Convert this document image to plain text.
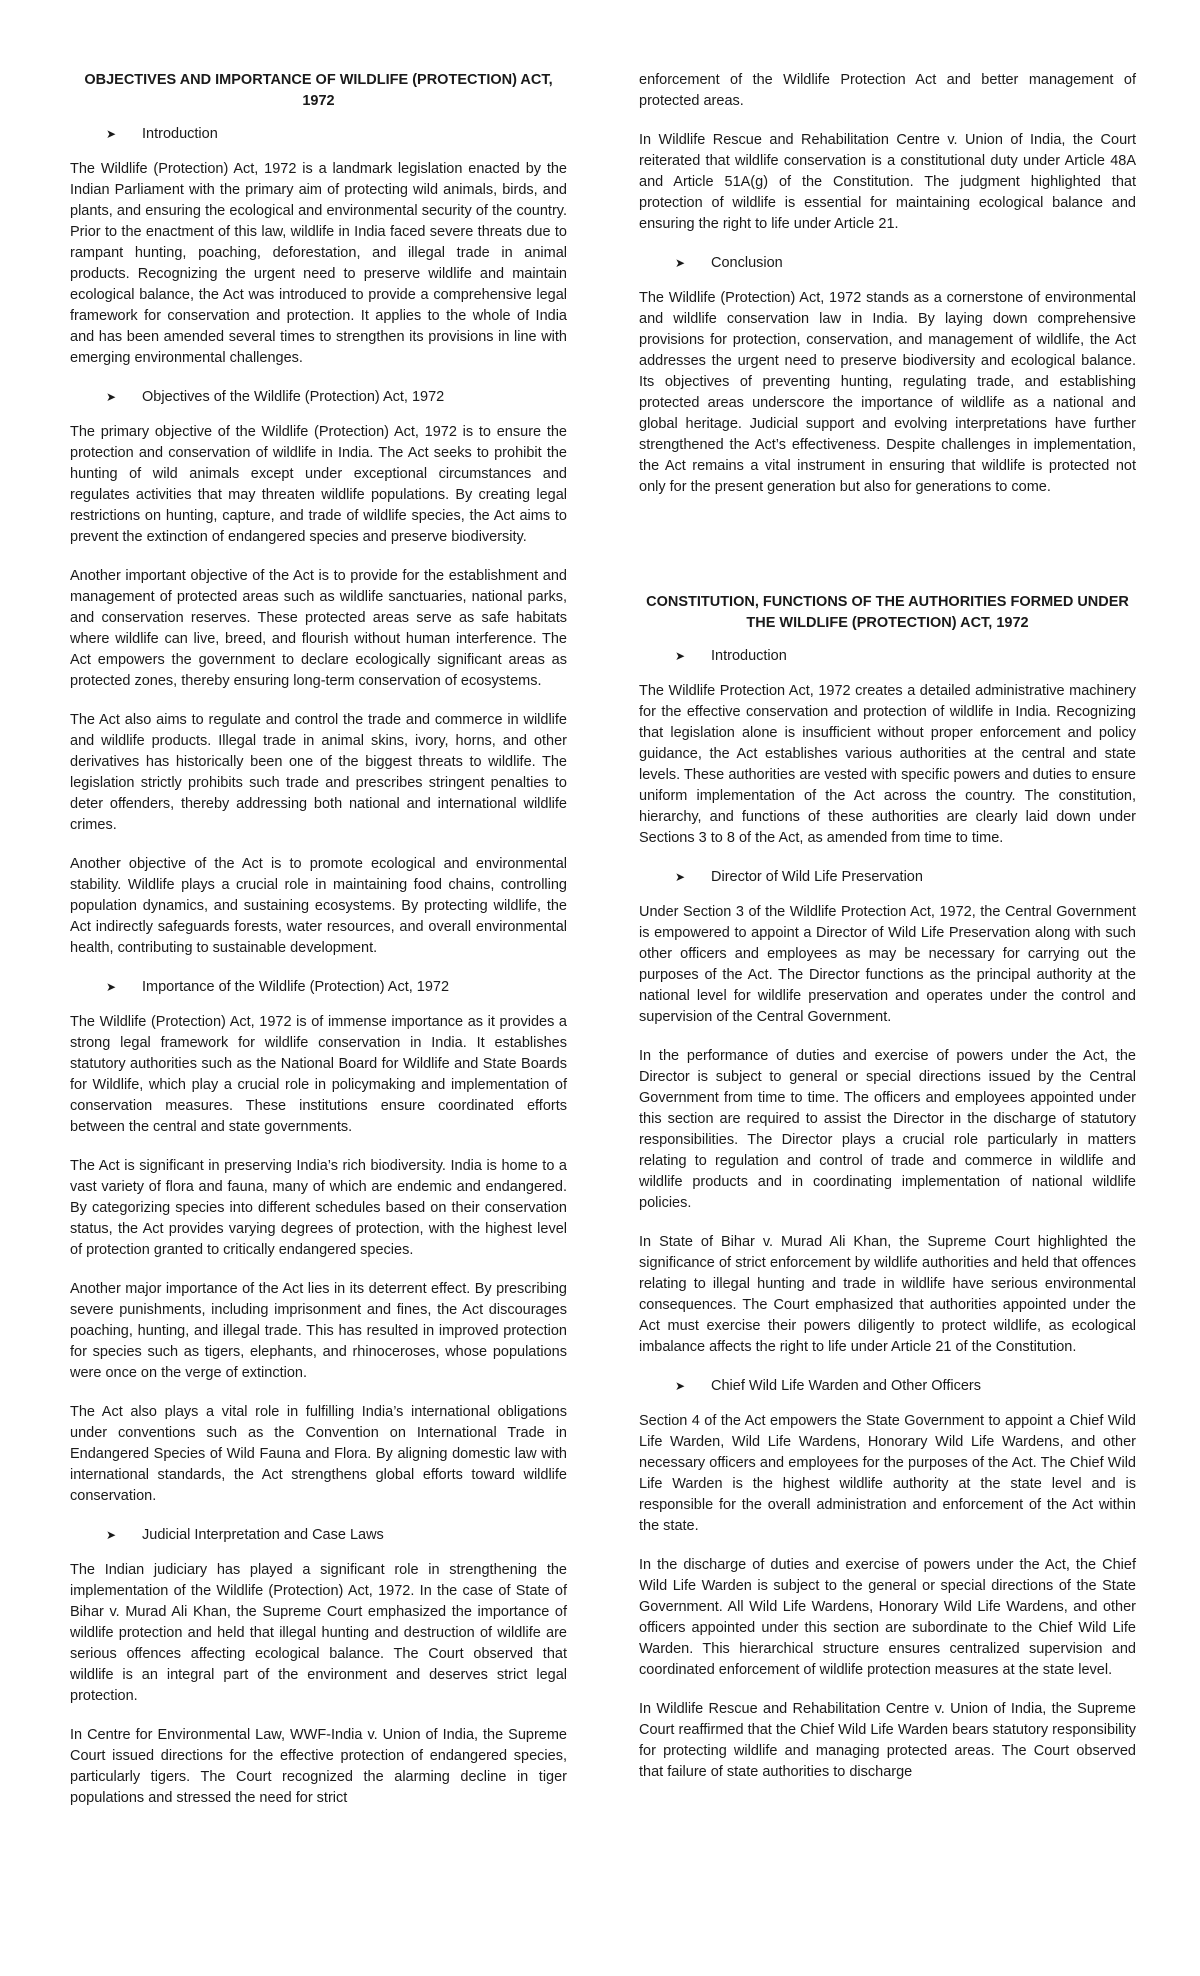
OBJECTIVES AND IMPORTANCE OF WILDLIFE (PROTECTION) ACT, 1972
➤ Introduction

The Wildlife (Protection) Act, 1972 is a landmark legislation enacted by the Indian Parliament with the primary aim of protecting wild animals, birds, and plants, and ensuring the ecological and environmental security of the country. Prior to the enactment of this law, wildlife in India faced severe threats due to rampant hunting, poaching, deforestation, and illegal trade in animal products. Recognizing the urgent need to preserve wildlife and maintain ecological balance, the Act was introduced to provide a comprehensive legal framework for conservation and protection. It applies to the whole of India and has been amended several times to strengthen its provisions in line with emerging environmental challenges.

➤ Objectives of the Wildlife (Protection) Act, 1972

The primary objective of the Wildlife (Protection) Act, 1972 is to ensure the protection and conservation of wildlife in India. The Act seeks to prohibit the hunting of wild animals except under exceptional circumstances and regulates activities that may threaten wildlife populations. By creating legal restrictions on hunting, capture, and trade of wildlife species, the Act aims to prevent the extinction of endangered species and preserve biodiversity.

Another important objective of the Act is to provide for the establishment and management of protected areas such as wildlife sanctuaries, national parks, and conservation reserves. These protected areas serve as safe habitats where wildlife can live, breed, and flourish without human interference. The Act empowers the government to declare ecologically significant areas as protected zones, thereby ensuring long-term conservation of ecosystems.

The Act also aims to regulate and control the trade and commerce in wildlife and wildlife products. Illegal trade in animal skins, ivory, horns, and other derivatives has historically been one of the biggest threats to wildlife. The legislation strictly prohibits such trade and prescribes stringent penalties to deter offenders, thereby addressing both national and international wildlife crimes.

Another objective of the Act is to promote ecological and environmental stability. Wildlife plays a crucial role in maintaining food chains, controlling population dynamics, and sustaining ecosystems. By protecting wildlife, the Act indirectly safeguards forests, water resources, and overall environmental health, contributing to sustainable development.

➤ Importance of the Wildlife (Protection) Act, 1972

The Wildlife (Protection) Act, 1972 is of immense importance as it provides a strong legal framework for wildlife conservation in India. It establishes statutory authorities such as the National Board for Wildlife and State Boards for Wildlife, which play a crucial role in policymaking and implementation of conservation measures. These institutions ensure coordinated efforts between the central and state governments.

The Act is significant in preserving India’s rich biodiversity. India is home to a vast variety of flora and fauna, many of which are endemic and endangered. By categorizing species into different schedules based on their conservation status, the Act provides varying degrees of protection, with the highest level of protection granted to critically endangered species.

Another major importance of the Act lies in its deterrent effect. By prescribing severe punishments, including imprisonment and fines, the Act discourages poaching, hunting, and illegal trade. This has resulted in improved protection for species such as tigers, elephants, and rhinoceroses, whose populations were once on the verge of extinction.

The Act also plays a vital role in fulfilling India’s international obligations under conventions such as the Convention on International Trade in Endangered Species of Wild Fauna and Flora. By aligning domestic law with international standards, the Act strengthens global efforts toward wildlife conservation.

➤ Judicial Interpretation and Case Laws

The Indian judiciary has played a significant role in strengthening the implementation of the Wildlife (Protection) Act, 1972. In the case of State of Bihar v. Murad Ali Khan, the Supreme Court emphasized the importance of wildlife protection and held that illegal hunting and destruction of wildlife are serious offences affecting ecological balance. The Court observed that wildlife is an integral part of the environment and deserves strict legal protection.

In Centre for Environmental Law, WWF-India v. Union of India, the Supreme Court issued directions for the effective protection of endangered species, particularly tigers. The Court recognized the alarming decline in tiger populations and stressed the need for strict

enforcement of the Wildlife Protection Act and better management of protected areas.

In Wildlife Rescue and Rehabilitation Centre v. Union of India, the Court reiterated that wildlife conservation is a constitutional duty under Article 48A and Article 51A(g) of the Constitution. The judgment highlighted that protection of wildlife is essential for maintaining ecological balance and ensuring the right to life under Article 21.

➤ Conclusion

The Wildlife (Protection) Act, 1972 stands as a cornerstone of environmental and wildlife conservation law in India. By laying down comprehensive provisions for protection, conservation, and management of wildlife, the Act addresses the urgent need to preserve biodiversity and ecological balance. Its objectives of preventing hunting, regulating trade, and establishing protected areas underscore the importance of wildlife as a national and global heritage. Judicial support and evolving interpretations have further strengthened the Act’s effectiveness. Despite challenges in implementation, the Act remains a vital instrument in ensuring that wildlife is protected not only for the present generation but also for generations to come.

CONSTITUTION, FUNCTIONS OF THE AUTHORITIES FORMED UNDER THE WILDLIFE (PROTECTION) ACT, 1972
➤ Introduction

The Wildlife Protection Act, 1972 creates a detailed administrative machinery for the effective conservation and protection of wildlife in India. Recognizing that legislation alone is insufficient without proper enforcement and policy guidance, the Act establishes various authorities at the central and state levels. These authorities are vested with specific powers and duties to ensure uniform implementation of the Act across the country. The constitution, hierarchy, and functions of these authorities are clearly laid down under Sections 3 to 8 of the Act, as amended from time to time.

➤ Director of Wild Life Preservation

Under Section 3 of the Wildlife Protection Act, 1972, the Central Government is empowered to appoint a Director of Wild Life Preservation along with such other officers and employees as may be necessary for carrying out the purposes of the Act. The Director functions as the principal authority at the national level for wildlife preservation and operates under the control and supervision of the Central Government.

In the performance of duties and exercise of powers under the Act, the Director is subject to general or special directions issued by the Central Government from time to time. The officers and employees appointed under this section are required to assist the Director in the discharge of statutory responsibilities. The Director plays a crucial role particularly in matters relating to regulation and control of trade and commerce in wildlife and wildlife products and in coordinating implementation of national wildlife policies.

In State of Bihar v. Murad Ali Khan, the Supreme Court highlighted the significance of strict enforcement by wildlife authorities and held that offences relating to illegal hunting and trade in wildlife have serious environmental consequences. The Court emphasized that authorities appointed under the Act must exercise their powers diligently to protect wildlife, as ecological imbalance affects the right to life under Article 21 of the Constitution.

➤ Chief Wild Life Warden and Other Officers

Section 4 of the Act empowers the State Government to appoint a Chief Wild Life Warden, Wild Life Wardens, Honorary Wild Life Wardens, and other necessary officers and employees for the purposes of the Act. The Chief Wild Life Warden is the highest wildlife authority at the state level and is responsible for the overall administration and enforcement of the Act within the state.

In the discharge of duties and exercise of powers under the Act, the Chief Wild Life Warden is subject to the general or special directions of the State Government. All Wild Life Wardens, Honorary Wild Life Wardens, and other officers appointed under this section are subordinate to the Chief Wild Life Warden. This hierarchical structure ensures centralized supervision and coordinated enforcement of wildlife protection measures at the state level.

In Wildlife Rescue and Rehabilitation Centre v. Union of India, the Supreme Court reaffirmed that the Chief Wild Life Warden bears statutory responsibility for protecting wildlife and managing protected areas. The Court observed that failure of state authorities to discharge
